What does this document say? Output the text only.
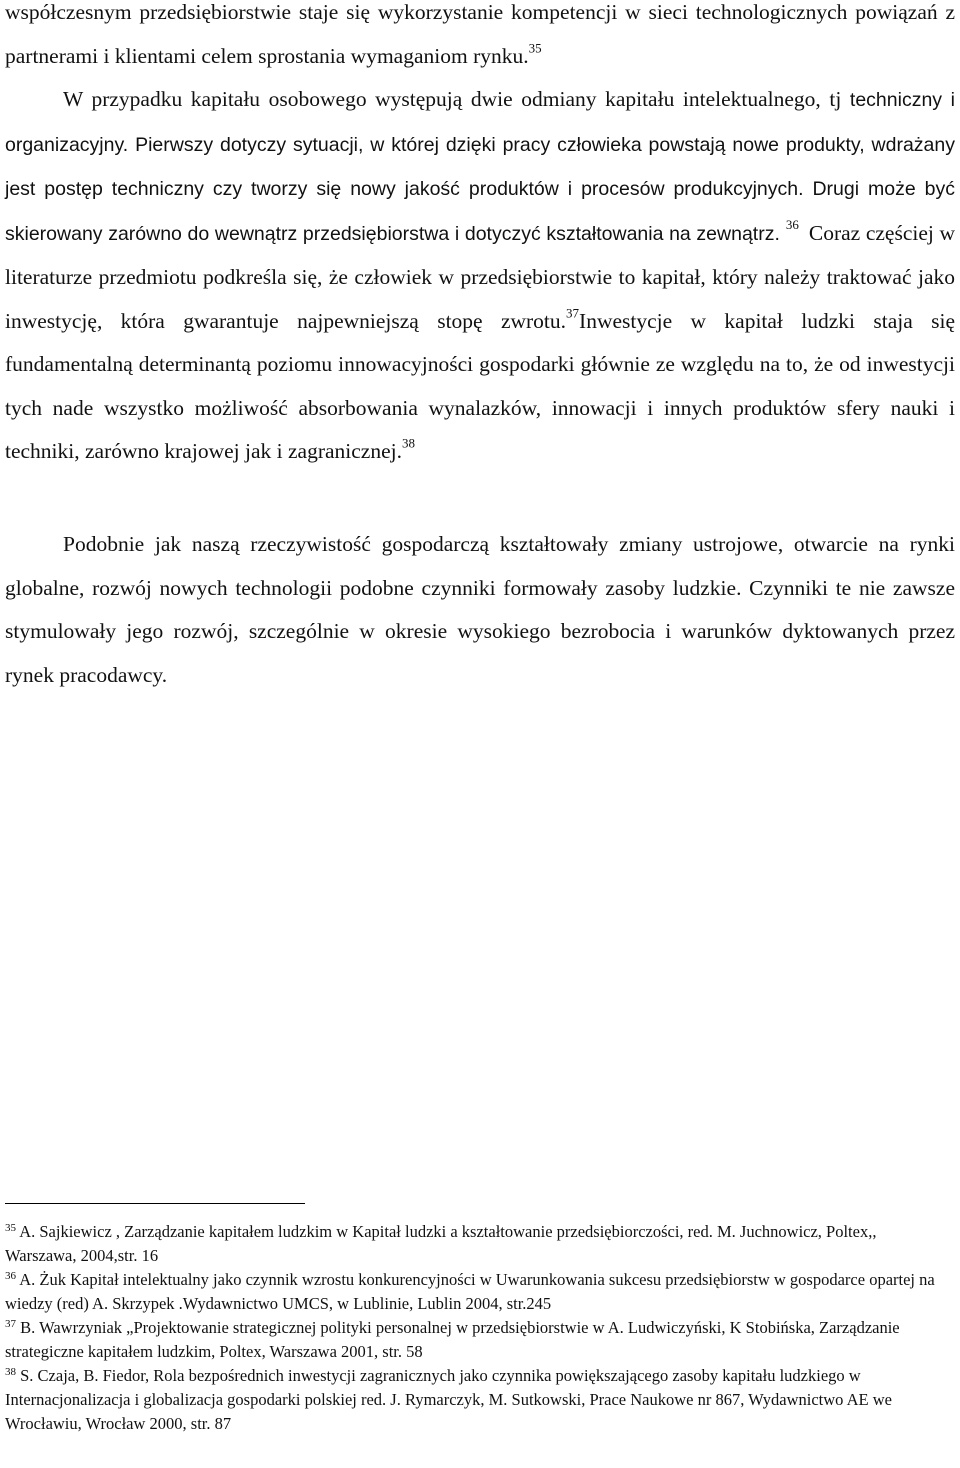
współczesnym przedsiębiorstwie staje się wykorzystanie kompetencji w sieci technologicznych powiązań z partnerami i klientami celem sprostania wymaganiom rynku.$^{35}$

W przypadku kapitału osobowego występują dwie odmiany kapitału intelektualnego, tj techniczny i organizacyjny. Pierwszy dotyczy sytuacji, w której dzięki pracy człowieka powstają nowe produkty, wdrażany jest postęp techniczny czy tworzy się nowy jakość produktów i procesów produkcyjnych. Drugi może być skierowany zarówno do wewnątrz przedsiębiorstwa i dotyczyć kształtowania na zewnątrz. $^{36}$ Coraz częściej w literaturze przedmiotu podkreśla się, że człowiek w przedsiębiorstwie to kapitał, który należy traktować jako inwestycję, która gwarantuje najpewniejszą stopę zwrotu.$^{37}$Inwestycje w kapitał ludzki staja się fundamentalną determinantą poziomu innowacyjności gospodarki głównie ze względu na to, że od inwestycji tych nade wszystko możliwość absorbowania wynalazków, innowacji i innych produktów sfery nauki i techniki, zarówno krajowej jak i zagranicznej.$^{38}$

Podobnie jak naszą rzeczywistość gospodarczą kształtowały zmiany ustrojowe, otwarcie na rynki globalne, rozwój nowych technologii podobne czynniki formowały zasoby ludzkie. Czynniki te nie zawsze stymulowały jego rozwój, szczególnie w okresie wysokiego bezrobocia i warunków dyktowanych przez rynek pracodawcy.

$^{35}$ A. Sajkiewicz , Zarządzanie kapitałem ludzkim w Kapitał ludzki a kształtowanie przedsiębiorczości, red. M. Juchnowicz, Poltex,, Warszawa, 2004,str. 16

$^{36}$ A. Żuk Kapitał intelektualny jako czynnik wzrostu konkurencyjności w Uwarunkowania sukcesu przedsiębiorstw w gospodarce opartej na wiedzy (red) A. Skrzypek .Wydawnictwo UMCS, w Lublinie, Lublin 2004, str.245

$^{37}$ B. Wawrzyniak „Projektowanie strategicznej polityki personalnej w przedsiębiorstwie w A. Ludwiczyński, K Stobińska, Zarządzanie strategiczne kapitałem ludzkim, Poltex, Warszawa 2001, str. 58

$^{38}$ S. Czaja, B. Fiedor, Rola bezpośrednich inwestycji zagranicznych jako czynnika powiększającego zasoby kapitału ludzkiego w Internacjonalizacja i globalizacja gospodarki polskiej red. J. Rymarczyk, M. Sutkowski, Prace Naukowe nr 867, Wydawnictwo AE we Wrocławiu, Wrocław 2000, str. 87
